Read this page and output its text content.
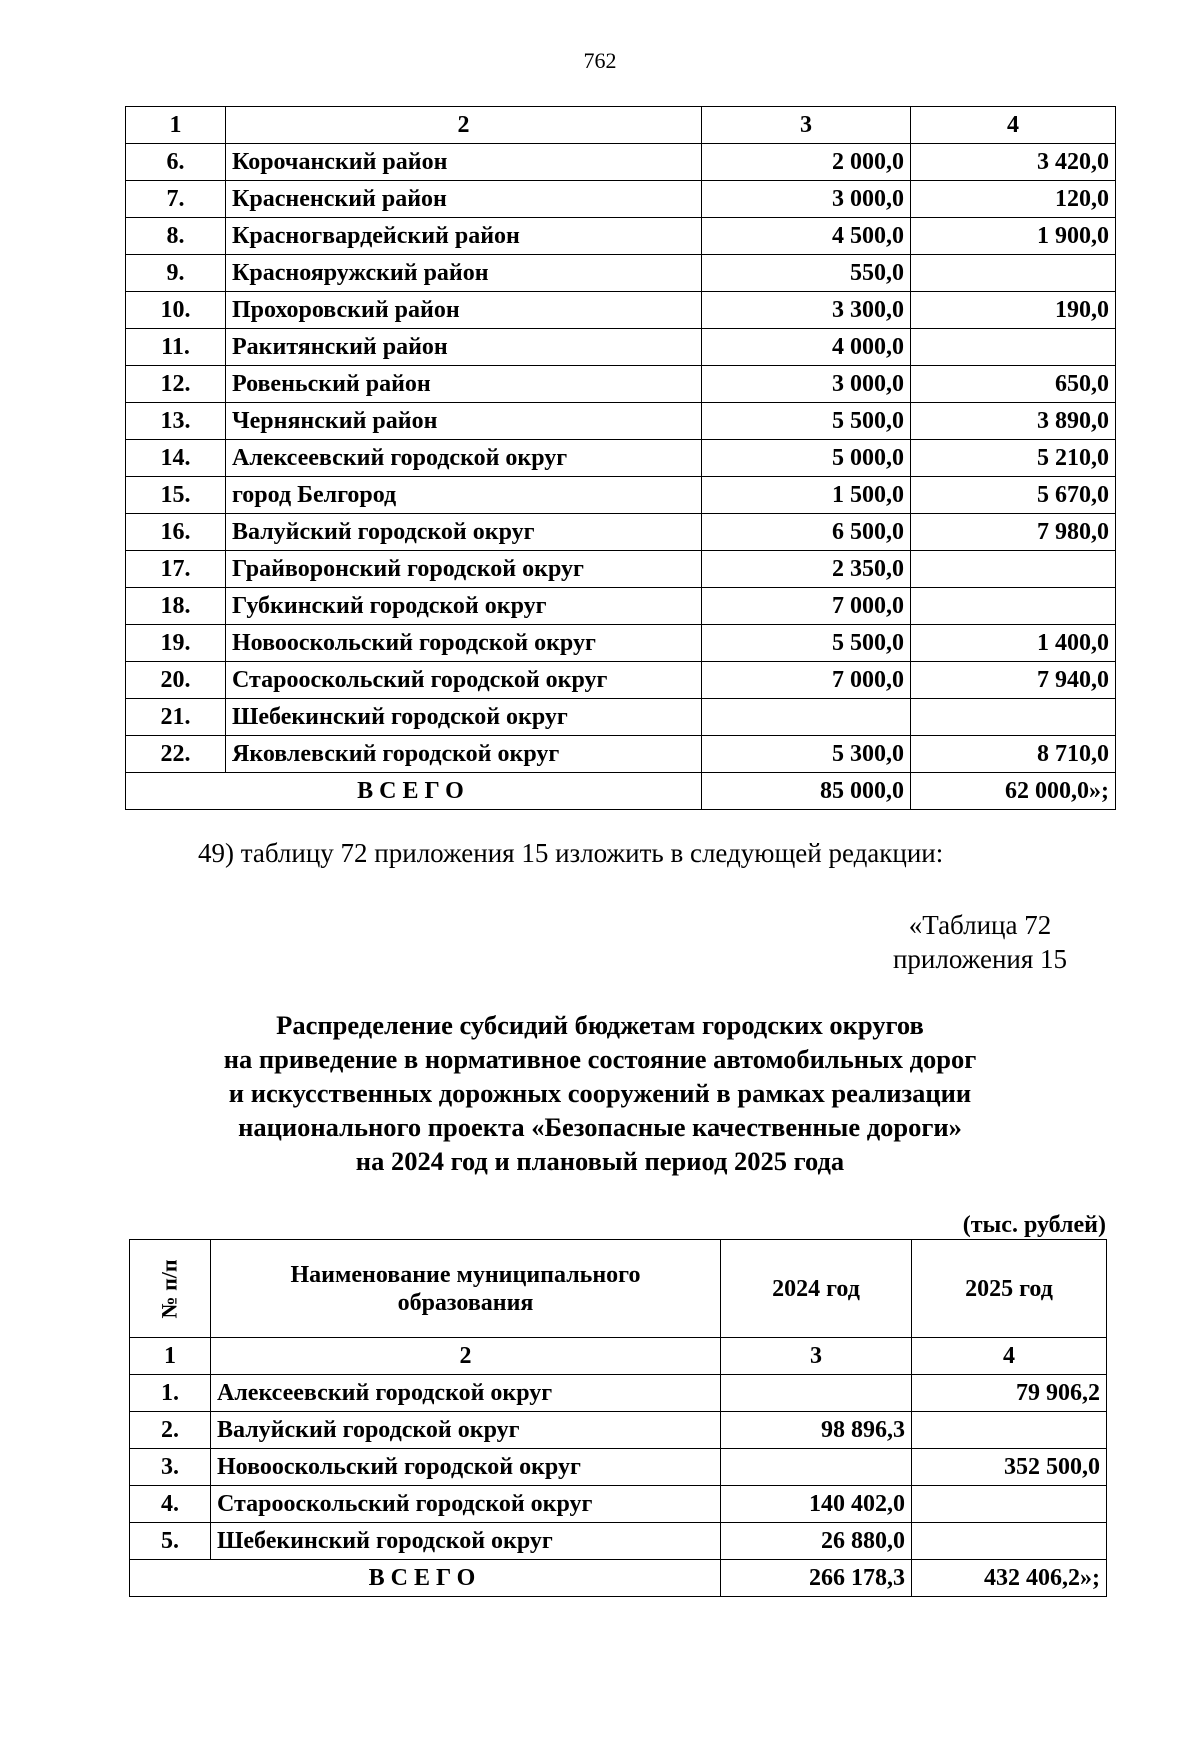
762
1	2	3	4
6.	Корочанский район	2 000,0	3 420,0
7.	Красненский район	3 000,0	120,0
8.	Красногвардейский район	4 500,0	1 900,0
9.	Краснояружский район	550,0	
10.	Прохоровский район	3 300,0	190,0
11.	Ракитянский район	4 000,0	
12.	Ровеньский район	3 000,0	650,0
13.	Чернянский район	5 500,0	3 890,0
14.	Алексеевский городской округ	5 000,0	5 210,0
15.	город Белгород	1 500,0	5 670,0
16.	Валуйский городской округ	6 500,0	7 980,0
17.	Грайворонский городской округ	2 350,0	
18.	Губкинский городской округ	7 000,0	
19.	Новооскольский городской округ	5 500,0	1 400,0
20.	Старооскольский городской округ	7 000,0	7 940,0
21.	Шебекинский городской округ		
22.	Яковлевский городской округ	5 300,0	8 710,0
ВСЕГО		85 000,0	62 000,0»;
49) таблицу 72 приложения 15 изложить в следующей редакции:
«Таблица 72
приложения 15
Распределение субсидий бюджетам городских округов
на приведение в нормативное состояние автомобильных дорог
и искусственных дорожных сооружений в рамках реализации
национального проекта «Безопасные качественные дороги»
на 2024 год и плановый период 2025 года
(тыс. рублей)
№ п/п	Наименование муниципального образования	2024 год	2025 год
1	2	3	4
1.	Алексеевский городской округ		79 906,2
2.	Валуйский городской округ	98 896,3	
3.	Новооскольский городской округ		352 500,0
4.	Старооскольский городской округ	140 402,0	
5.	Шебекинский городской округ	26 880,0	
ВСЕГО		266 178,3	432 406,2»;
